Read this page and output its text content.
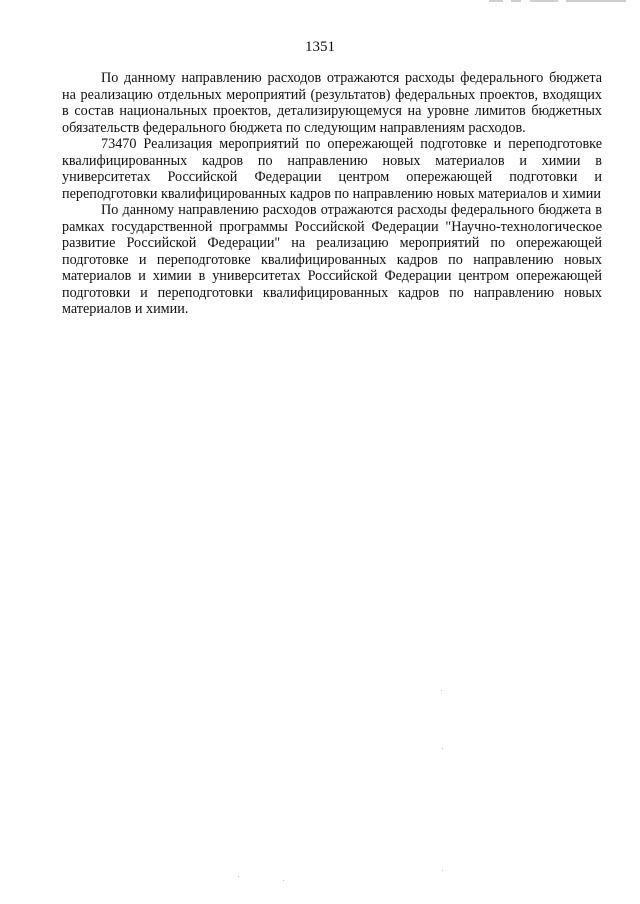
1351

По данному направлению расходов отражаются расходы федерального бюджета на реализацию отдельных мероприятий (результатов) федеральных проектов, входящих в состав национальных проектов, детализирующемуся на уровне лимитов бюджетных обязательств федерального бюджета по следующим направлениям расходов.

73470 Реализация мероприятий по опережающей подготовке и переподготовке квалифицированных кадров по направлению новых материалов и химии в университетах Российской Федерации центром опережающей подготовки и переподготовки квалифицированных кадров по направлению новых материалов и химии

По данному направлению расходов отражаются расходы федерального бюджета в рамках государственной программы Российской Федерации "Научно-технологическое развитие Российской Федерации" на реализацию мероприятий по опережающей подготовке и переподготовке квалифицированных кадров по направлению новых материалов и химии в университетах Российской Федерации центром опережающей подготовки и переподготовки квалифицированных кадров по направлению новых материалов и химии.
